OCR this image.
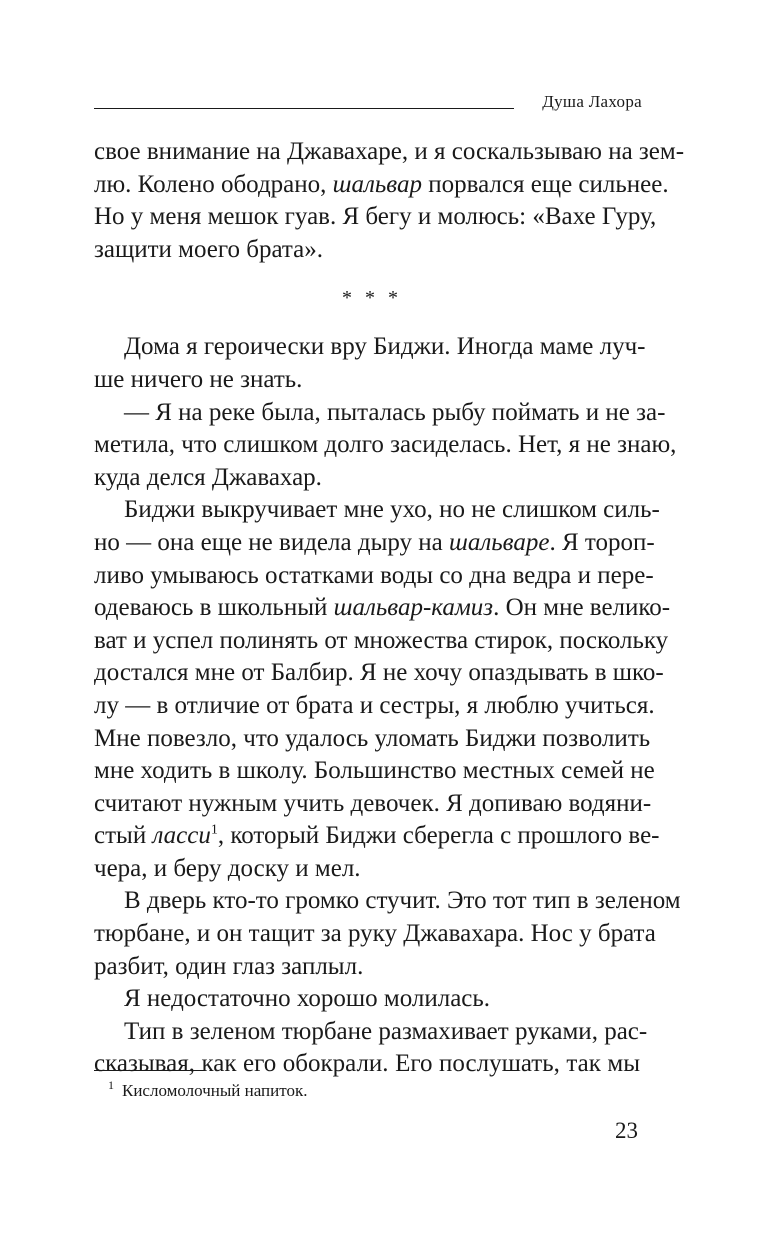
Душа Лахора
свое внимание на Джавахаре, и я соскальзываю на зем-
лю. Колено ободрано, шальвар порвался еще сильнее.
Но у меня мешок гуав. Я бегу и молюсь: «Вахе Гуру,
защити моего брата».
* * *
Дома я героически вру Биджи. Иногда маме луч-
ше ничего не знать.
— Я на реке была, пыталась рыбу поймать и не за-
метила, что слишком долго засиделась. Нет, я не знаю,
куда делся Джавахар.
Биджи выкручивает мне ухо, но не слишком силь-
но — она еще не видела дыру на шальваре. Я тороп-
ливо умываюсь остатками воды со дна ведра и пере-
одеваюсь в школьный шальвар-камиз. Он мне велико-
ват и успел полинять от множества стирок, поскольку
достался мне от Балбир. Я не хочу опаздывать в шко-
лу — в отличие от брата и сестры, я люблю учиться.
Мне повезло, что удалось уломать Биджи позволить
мне ходить в школу. Большинство местных семей не
считают нужным учить девочек. Я допиваю водяни-
стый ласси$^1$, который Биджи сберегла с прошлого ве-
чера, и беру доску и мел.
В дверь кто-то громко стучит. Это тот тип в зеленом
тюрбане, и он тащит за руку Джавахара. Нос у брата
разбит, один глаз заплыл.
Я недостаточно хорошо молилась.
Тип в зеленом тюрбане размахивает руками, рас-
сказывая, как его обокрали. Его послушать, так мы
$^1$ Кисломолочный напиток.
23
